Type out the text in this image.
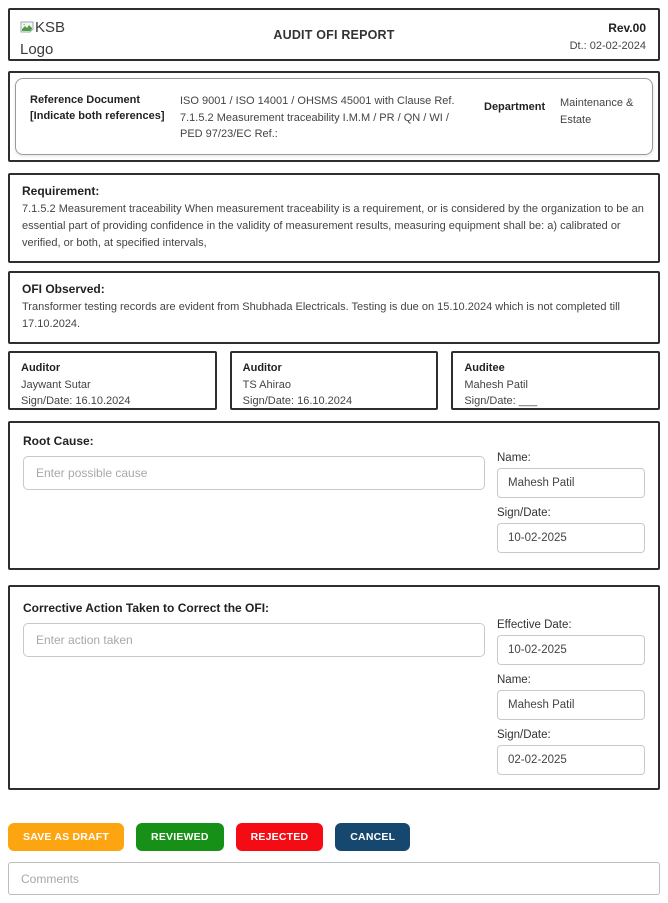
KSB Logo
AUDIT OFI REPORT	Rev.00
Dt.: 02-02-2024
Reference Document [Indicate both references]
ISO 9001 / ISO 14001 / OHSMS 45001 with Clause Ref. 7.1.5.2 Measurement traceability I.M.M / PR / QN / WI / PED 97/23/EC Ref.:
Department	Maintenance & Estate
Requirement:
7.1.5.2 Measurement traceability When measurement traceability is a requirement, or is considered by the organization to be an essential part of providing confidence in the validity of measurement results, measuring equipment shall be: a) calibrated or verified, or both, at specified intervals,
OFI Observed:
Transformer testing records are evident from Shubhada Electricals. Testing is due on 15.10.2024 which is not completed till 17.10.2024.
Auditor
Jaywant Sutar
Sign/Date: 16.10.2024
Auditor
TS Ahirao
Sign/Date: 16.10.2024
Auditee
Mahesh Patil
Sign/Date: ___
Root Cause:
Enter possible cause
Name:
Mahesh Patil
Sign/Date:
10-02-2025
Corrective Action Taken to Correct the OFI:
Enter action taken
Effective Date:
10-02-2025
Name:
Mahesh Patil
Sign/Date:
02-02-2025
SAVE AS DRAFT	REVIEWED	REJECTED	CANCEL
Comments
